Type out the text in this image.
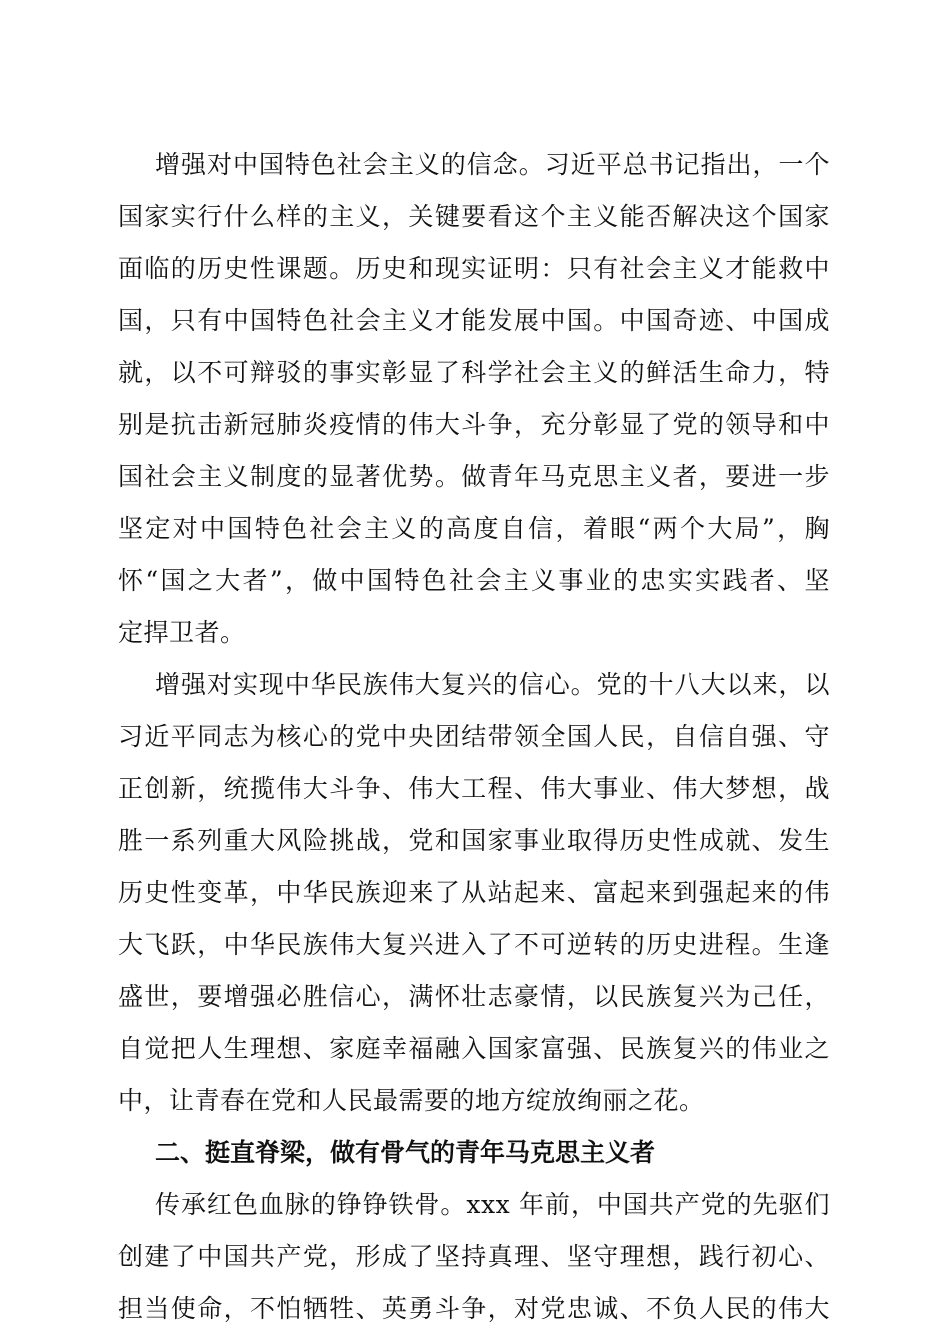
增强对中国特色社会主义的信念。习近平总书记指出，一个
国家实行什么样的主义，关键要看这个主义能否解决这个国家
面临的历史性课题。历史和现实证明：只有社会主义才能救中
国，只有中国特色社会主义才能发展中国。中国奇迹、中国成
就，以不可辩驳的事实彰显了科学社会主义的鲜活生命力，特
别是抗击新冠肺炎疫情的伟大斗争，充分彰显了党的领导和中
国社会主义制度的显著优势。做青年马克思主义者，要进一步
坚定对中国特色社会主义的高度自信，着眼“两个大局”，胸
怀“国之大者”，做中国特色社会主义事业的忠实实践者、坚
定捍卫者。
增强对实现中华民族伟大复兴的信心。党的十八大以来，以
习近平同志为核心的党中央团结带领全国人民，自信自强、守
正创新，统揽伟大斗争、伟大工程、伟大事业、伟大梦想，战
胜一系列重大风险挑战，党和国家事业取得历史性成就、发生
历史性变革，中华民族迎来了从站起来、富起来到强起来的伟
大飞跃，中华民族伟大复兴进入了不可逆转的历史进程。生逢
盛世，要增强必胜信心，满怀壮志豪情，以民族复兴为己任，
自觉把人生理想、家庭幸福融入国家富强、民族复兴的伟业之
中，让青春在党和人民最需要的地方绽放绚丽之花。
二、挺直脊梁，做有骨气的青年马克思主义者
传承红色血脉的铮铮铁骨。xxx 年前，中国共产党的先驱们
创建了中国共产党，形成了坚持真理、坚守理想，践行初心、
担当使命，不怕牺牲、英勇斗争，对党忠诚、不负人民的伟大
